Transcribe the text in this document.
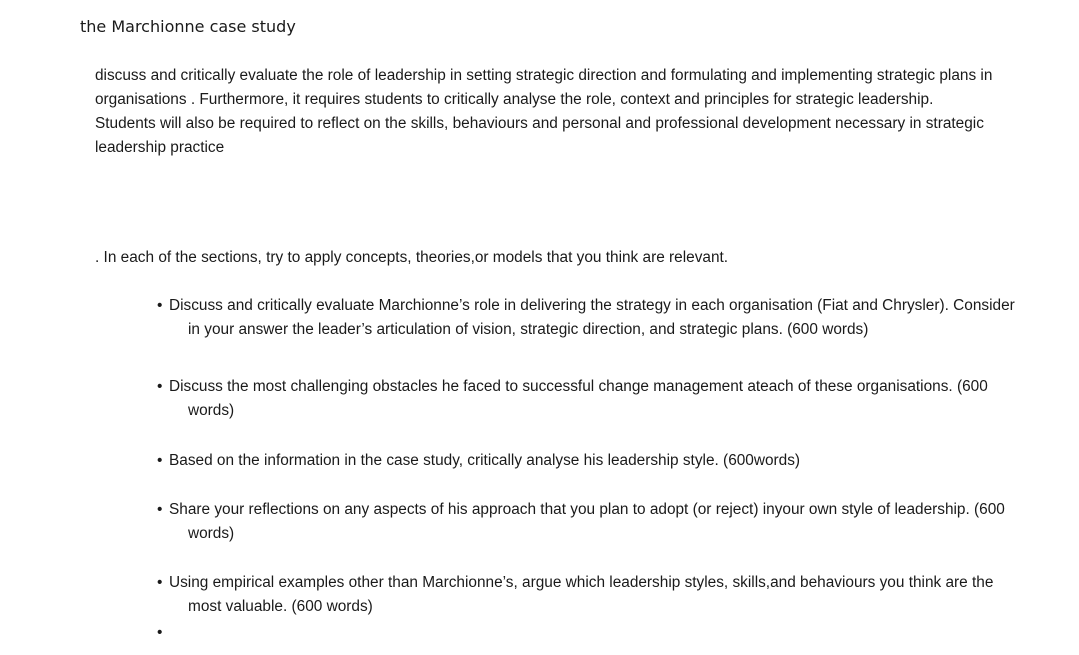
the Marchionne case study

discuss and critically evaluate the role of leadership in setting strategic direction and formulating and implementing strategic plans in organisations . Furthermore, it requires students to critically analyse the role, context and principles for strategic leadership. Students will also be required to reflect on the skills, behaviours and personal and professional development necessary in strategic leadership practice

. In each of the sections, try to apply concepts, theories,or models that you think are relevant.

• Discuss and critically evaluate Marchionne’s role in delivering the strategy in each organisation (Fiat and Chrysler). Consider in your answer the leader’s articulation of vision, strategic direction, and strategic plans. (600 words)

• Discuss the most challenging obstacles he faced to successful change management ateach of these organisations. (600 words)

• Based on the information in the case study, critically analyse his leadership style. (600words)

• Share your reflections on any aspects of his approach that you plan to adopt (or reject) inyour own style of leadership. (600 words)

• Using empirical examples other than Marchionne’s, argue which leadership styles, skills,and behaviours you think are the most valuable. (600 words)

•
